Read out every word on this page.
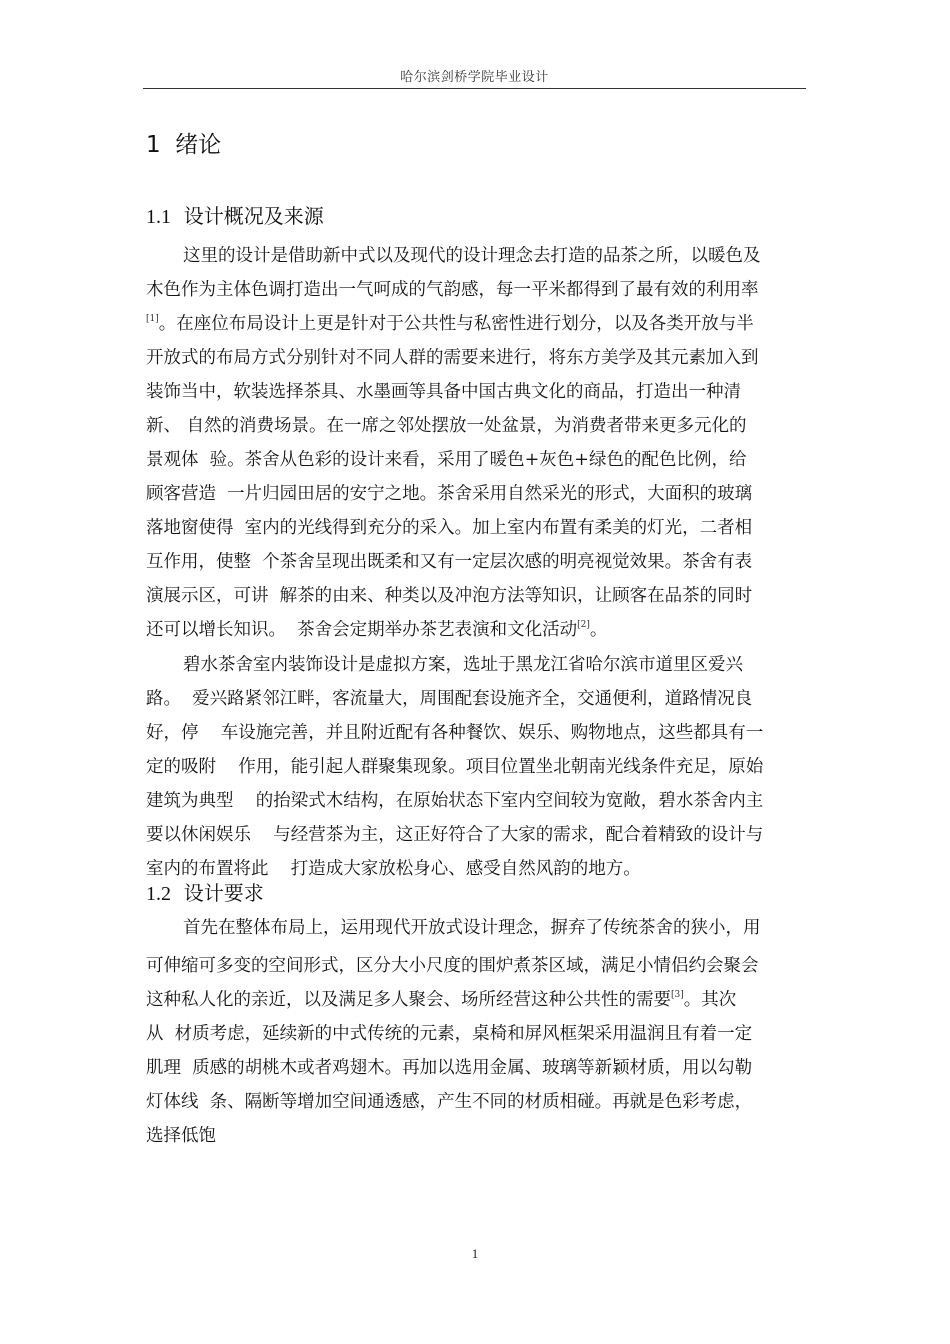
哈尔滨剑桥学院毕业设计
1 绪论
1.1 设计概况及来源
这里的设计是借助新中式以及现代的设计理念去打造的品茶之所，以暖色及
木色作为主体色调打造出一气呵成的气韵感，每一平米都得到了最有效的利用率
[1]。在座位布局设计上更是针对于公共性与私密性进行划分，以及各类开放与半
开放式的布局方式分别针对不同人群的需要来进行，将东方美学及其元素加入到
装饰当中，软装选择茶具、水墨画等具备中国古典文化的商品，打造出一种清
新、 自然的消费场景。在一席之邻处摆放一处盆景，为消费者带来更多元化的
景观体  验。茶舍从色彩的设计来看，采用了暖色+灰色+绿色的配色比例，给
顾客营造  一片归园田居的安宁之地。茶舍采用自然采光的形式，大面积的玻璃
落地窗使得  室内的光线得到充分的采入。加上室内布置有柔美的灯光，二者相
互作用，使整  个茶舍呈现出既柔和又有一定层次感的明亮视觉效果。茶舍有表
演展示区，可讲  解茶的由来、种类以及冲泡方法等知识，让顾客在品茶的同时
还可以增长知识。  茶舍会定期举办茶艺表演和文化活动[2]。
碧水茶舍室内装饰设计是虚拟方案，选址于黑龙江省哈尔滨市道里区爱兴
路。  爱兴路紧邻江畔，客流量大，周围配套设施齐全，交通便利，道路情况良
好，停    车设施完善，并且附近配有各种餐饮、娱乐、购物地点，这些都具有一
定的吸附    作用，能引起人群聚集现象。项目位置坐北朝南光线条件充足，原始
建筑为典型    的抬梁式木结构，在原始状态下室内空间较为宽敞，碧水茶舍内主
要以休闲娱乐    与经营茶为主，这正好符合了大家的需求，配合着精致的设计与
室内的布置将此    打造成大家放松身心、感受自然风韵的地方。
1.2 设计要求
首先在整体布局上，运用现代开放式设计理念，摒弃了传统茶舍的狭小，用
可伸缩可多变的空间形式，区分大小尺度的围炉煮茶区域，满足小情侣约会聚会
这种私人化的亲近，以及满足多人聚会、场所经营这种公共性的需要[3]。其次
从  材质考虑，延续新的中式传统的元素，桌椅和屏风框架采用温润且有着一定
肌理  质感的胡桃木或者鸡翅木。再加以选用金属、玻璃等新颖材质，用以勾勒
灯体线  条、隔断等增加空间通透感，产生不同的材质相碰。再就是色彩考虑，
选择低饱
1
